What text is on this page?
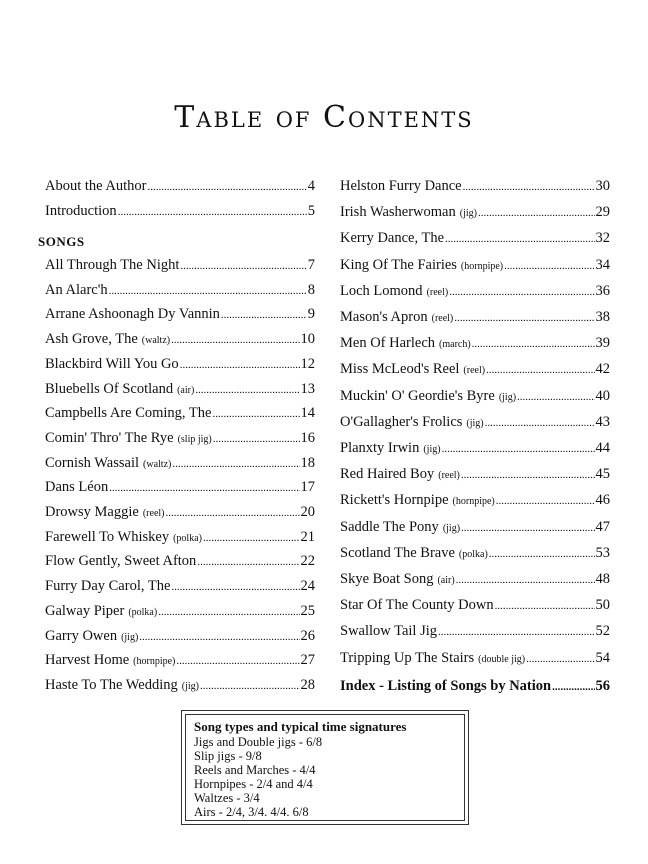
Table of Contents
About the Author .....	4
Introduction .....	5
SONGS
All Through The Night .....	7
An Alarc'h .....	8
Arrane Ashoonagh Dy Vannin .....	9
Ash Grove, The (waltz) .....	10
Blackbird Will You Go .....	12
Bluebells Of Scotland (air) .....	13
Campbells Are Coming, The .....	14
Comin' Thro' The Rye (slip jig) .....	16
Cornish Wassail (waltz) .....	18
Dans Léon .....	17
Drowsy Maggie (reel) .....	20
Farewell To Whiskey (polka) .....	21
Flow Gently, Sweet Afton .....	22
Furry Day Carol, The .....	24
Galway Piper (polka) .....	25
Garry Owen (jig) .....	26
Harvest Home (hornpipe) .....	27
Haste To The Wedding (jig) .....	28
Helston Furry Dance .....	30
Irish Washerwoman (jig) .....	29
Kerry Dance, The .....	32
King Of The Fairies (hornpipe) .....	34
Loch Lomond (reel) .....	36
Mason's Apron (reel) .....	38
Men Of Harlech (march) .....	39
Miss McLeod's Reel (reel) .....	42
Muckin' O' Geordie's Byre (jig) .....	40
O'Gallagher's Frolics (jig) .....	43
Planxty Irwin (jig) .....	44
Red Haired Boy (reel) .....	45
Rickett's Hornpipe (hornpipe) .....	46
Saddle The Pony (jig) .....	47
Scotland The Brave (polka) .....	53
Skye Boat Song (air) .....	48
Star Of The County Down .....	50
Swallow Tail Jig .....	52
Tripping Up The Stairs (double jig) .....	54
Index - Listing of Songs by Nation .....	56

Song types and typical time signatures

Jigs and Double jigs - 6/8

Slip jigs - 9/8

Reels and Marches - 4/4

Hornpipes - 2/4 and 4/4

Waltzes - 3/4

Airs - 2/4, 3/4. 4/4. 6/8
